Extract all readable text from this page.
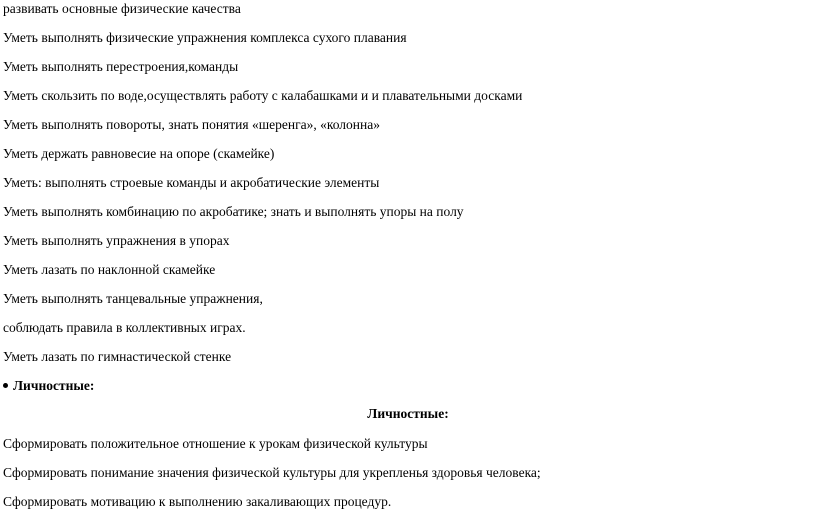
развивать основные физические качества
Уметь выполнять физические упражнения комплекса сухого плавания
Уметь выполнять перестроения,команды
Уметь скользить по воде,осуществлять работу с калабашками и и плавательными досками
Уметь выполнять повороты, знать понятия «шеренга», «колонна»
Уметь держать равновесие на опоре (скамейке)
Уметь: выполнять строевые команды и акробатические элементы
Уметь выполнять комбинацию по акробатике; знать и выполнять упоры на полу
Уметь выполнять упражнения в упорах
Уметь лазать по наклонной скамейке
Уметь выполнять танцевальные упражнения,
соблюдать правила в коллективных играх.
Уметь лазать по гимнастической стенке
Личностные:
Личностные:
Сформировать положительное отношение к урокам физической культуры
Сформировать понимание значения физической культуры для укрепленья здоровья человека;
Сформировать мотивацию к выполнению закаливающих процедур.
